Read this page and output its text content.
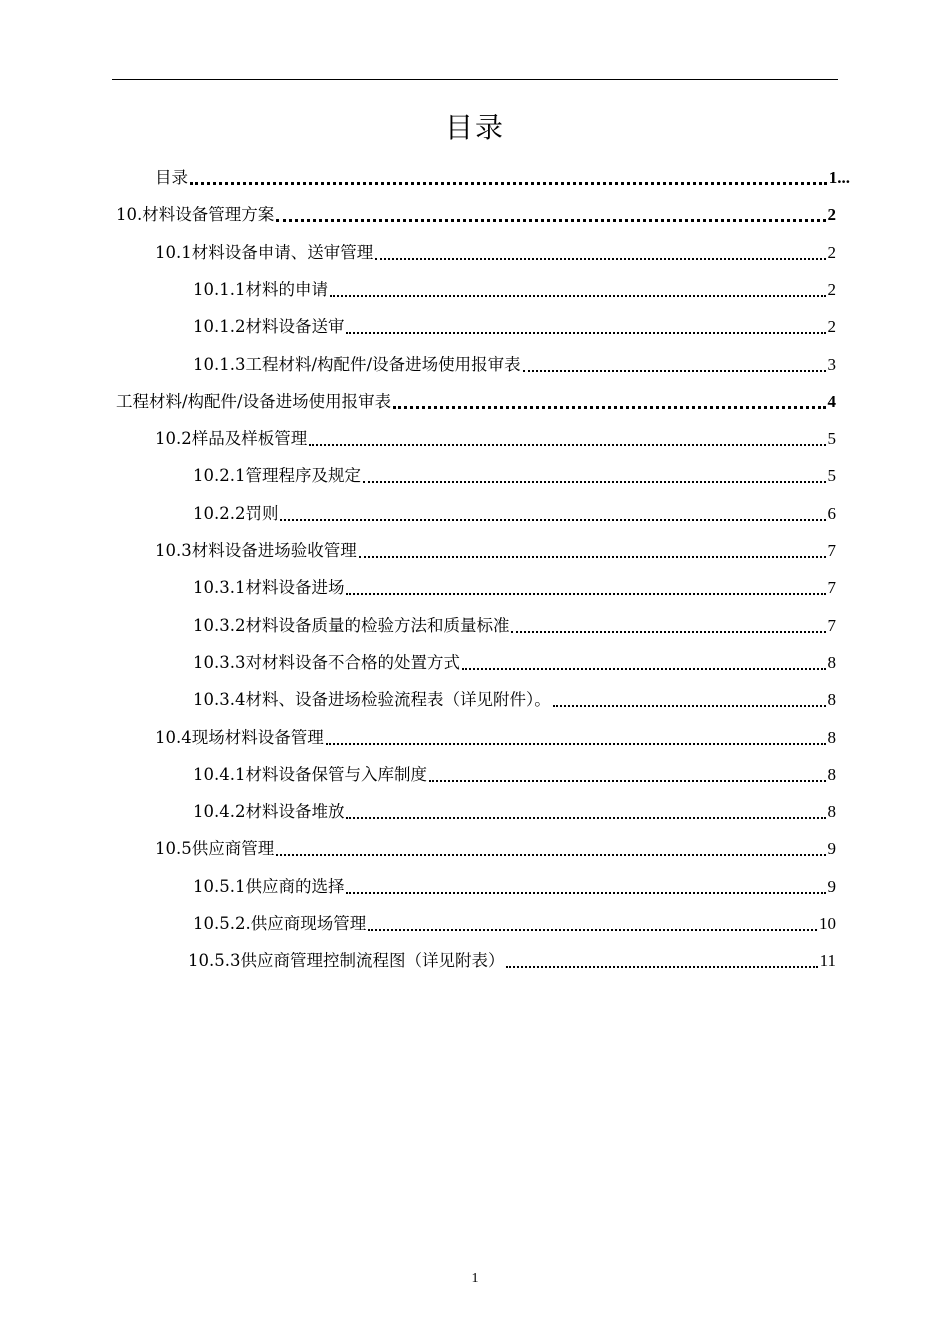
目录
目录	1...
10.材料设备管理方案	2
10.1材料设备申请、送审管理	2
10.1.1材料的申请	2
10.1.2材料设备送审	2
10.1.3工程材料/构配件/设备进场使用报审表	3
工程材料/构配件/设备进场使用报审表	4
10.2样品及样板管理	5
10.2.1管理程序及规定	5
10.2.2罚则	6
10.3材料设备进场验收管理	7
10.3.1材料设备进场	7
10.3.2材料设备质量的检验方法和质量标准	7
10.3.3对材料设备不合格的处置方式	8
10.3.4材料、设备进场检验流程表（详见附件）。	8
10.4现场材料设备管理	8
10.4.1材料设备保管与入库制度	8
10.4.2材料设备堆放	8
10.5供应商管理	9
10.5.1供应商的选择	9
10.5.2.供应商现场管理	10
10.5.3供应商管理控制流程图（详见附表）	11
1
